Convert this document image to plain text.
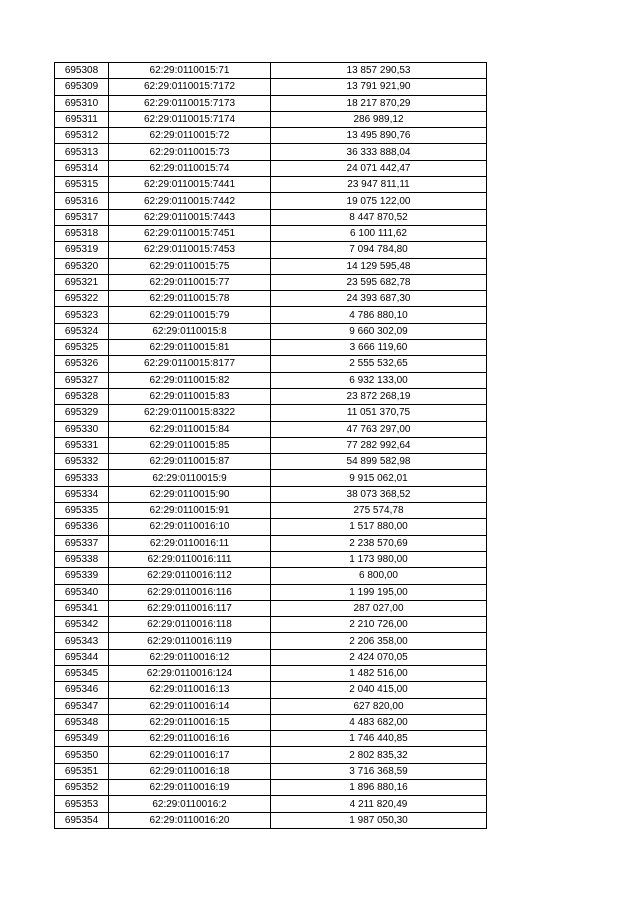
695308	62:29:0110015:71	13 857 290,53
695309	62:29:0110015:7172	13 791 921,90
695310	62:29:0110015:7173	18 217 870,29
695311	62:29:0110015:7174	286 989,12
695312	62:29:0110015:72	13 495 890,76
695313	62:29:0110015:73	36 333 888,04
695314	62:29:0110015:74	24 071 442,47
695315	62:29:0110015:7441	23 947 811,11
695316	62:29:0110015:7442	19 075 122,00
695317	62:29:0110015:7443	8 447 870,52
695318	62:29:0110015:7451	6 100 111,62
695319	62:29:0110015:7453	7 094 784,80
695320	62:29:0110015:75	14 129 595,48
695321	62:29:0110015:77	23 595 682,78
695322	62:29:0110015:78	24 393 687,30
695323	62:29:0110015:79	4 786 880,10
695324	62:29:0110015:8	9 660 302,09
695325	62:29:0110015:81	3 666 119,60
695326	62:29:0110015:8177	2 555 532,65
695327	62:29:0110015:82	6 932 133,00
695328	62:29:0110015:83	23 872 268,19
695329	62:29:0110015:8322	11 051 370,75
695330	62:29:0110015:84	47 763 297,00
695331	62:29:0110015:85	77 282 992,64
695332	62:29:0110015:87	54 899 582,98
695333	62:29:0110015:9	9 915 062,01
695334	62:29:0110015:90	38 073 368,52
695335	62:29:0110015:91	275 574,78
695336	62:29:0110016:10	1 517 880,00
695337	62:29:0110016:11	2 238 570,69
695338	62:29:0110016:111	1 173 980,00
695339	62:29:0110016:112	6 800,00
695340	62:29:0110016:116	1 199 195,00
695341	62:29:0110016:117	287 027,00
695342	62:29:0110016:118	2 210 726,00
695343	62:29:0110016:119	2 206 358,00
695344	62:29:0110016:12	2 424 070,05
695345	62:29:0110016:124	1 482 516,00
695346	62:29:0110016:13	2 040 415,00
695347	62:29:0110016:14	627 820,00
695348	62:29:0110016:15	4 483 682,00
695349	62:29:0110016:16	1 746 440,85
695350	62:29:0110016:17	2 802 835,32
695351	62:29:0110016:18	3 716 368,59
695352	62:29:0110016:19	1 896 880,16
695353	62:29:0110016:2	4 211 820,49
695354	62:29:0110016:20	1 987 050,30
